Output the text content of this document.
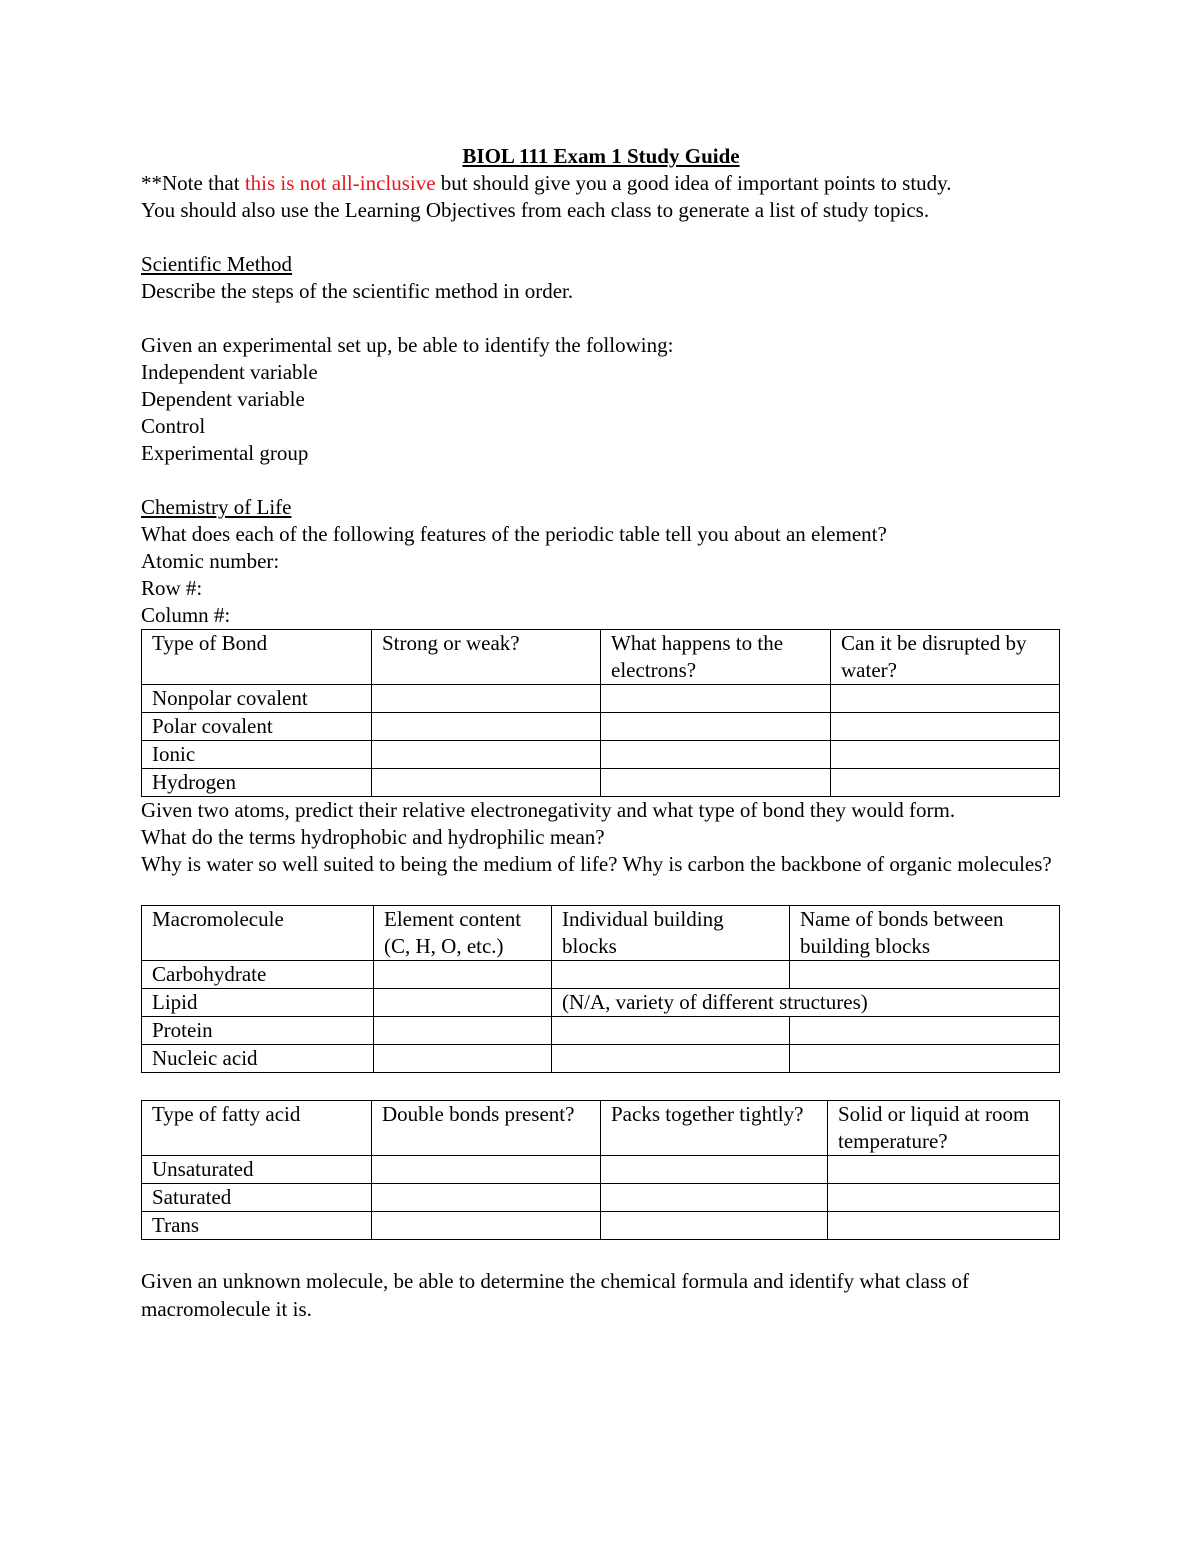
BIOL 111 Exam 1 Study Guide

**Note that this is not all-inclusive but should give you a good idea of important points to study.

You should also use the Learning Objectives from each class to generate a list of study topics.

Scientific Method

Describe the steps of the scientific method in order.

Given an experimental set up, be able to identify the following:

Independent variable

Dependent variable

Control

Experimental group

Chemistry of Life

What does each of the following features of the periodic table tell you about an element?

Atomic number:

Row #:

Column #:

Type of Bond	Strong or weak?	What happens to the electrons?	Can it be disrupted by water?
Nonpolar covalent			
Polar covalent			
Ionic			
Hydrogen			

Given two atoms, predict their relative electronegativity and what type of bond they would form.

What do the terms hydrophobic and hydrophilic mean?

Why is water so well suited to being the medium of life? Why is carbon the backbone of organic molecules?

Macromolecule	Element content (C, H, O, etc.)	Individual building blocks	Name of bonds between building blocks
Carbohydrate			
Lipid		(N/A, variety of different structures)	
Protein			
Nucleic acid			
Type of fatty acid	Double bonds present?	Packs together tightly?	Solid or liquid at room temperature?
Unsaturated			
Saturated			
Trans			

Given an unknown molecule, be able to determine the chemical formula and identify what class of macromolecule it is.
